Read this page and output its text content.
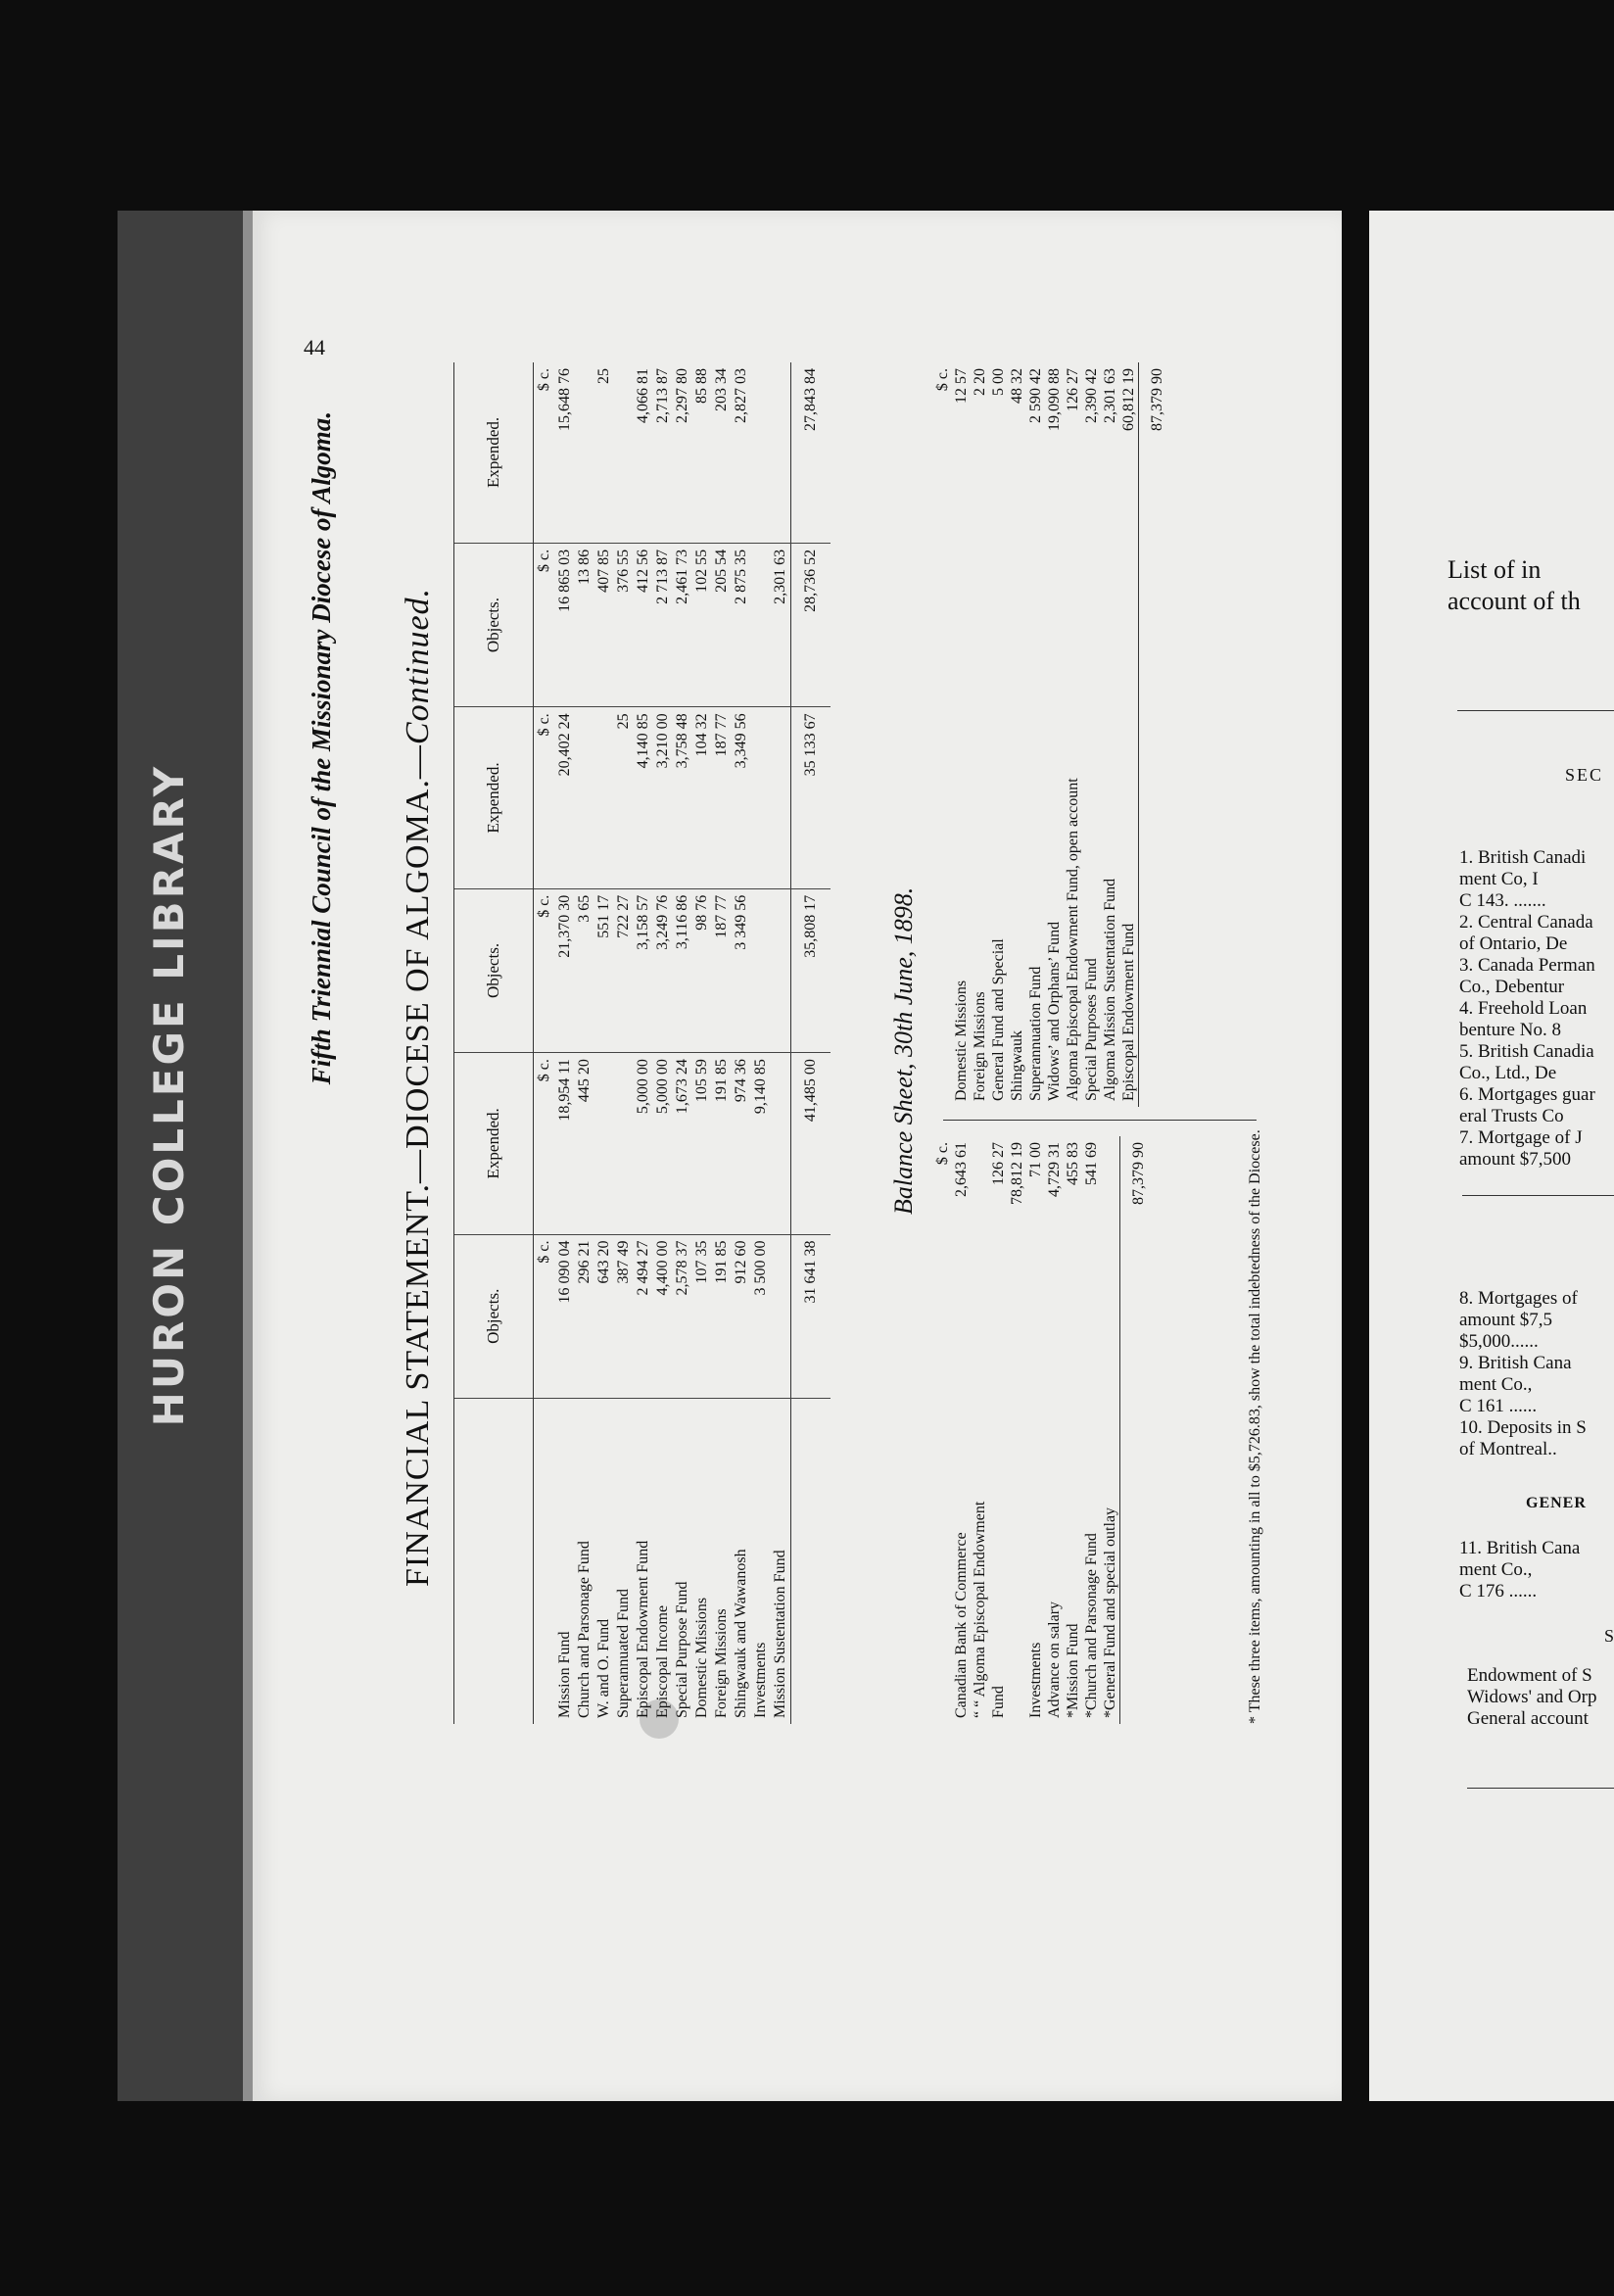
HURON COLLEGE LIBRARY
44
Fifth Triennial Council of the Missionary Diocese of Algoma. FINANCIAL STATEMENT.—DIOCESE OF ALGOMA.—Continued.
	Objects.	Expended.	Objects.	Expended.	Objects.	Expended.
	$ c.	$ c.	$ c.	$ c.	$ c.	$ c.
Mission Fund	16 090 04	18,954 11	21,370 30	20,402 24	16 865 03	15,648 76
Church and Parsonage Fund	296 21	445 20	3 65		13 86	
W. and O. Fund	643 20		551 17		407 85	25
Superannuated Fund	387 49		722 27	25	376 55	
Episcopal Endowment Fund	2 494 27	5,000 00	3,158 57	4,140 85	412 56	4,066 81
Episcopal Income	4,400 00	5,000 00	3,249 76	3,210 00	2 713 87	2,713 87
Special Purpose Fund	2,578 37	1,673 24	3,116 86	3,758 48	2,461 73	2,297 80
Domestic Missions	107 35	105 59	98 76	104 32	102 55	85 88
Foreign Missions	191 85	191 85	187 77	187 77	205 54	203 34
Shingwauk and Wawanosh	912 60	974 36	3 349 56	3,349 56	2 875 35	2,827 03
Investments	3 500 00	9,140 85				
Mission Sustentation Fund					2,301 63	
	31 641 38	41,485 00	35,808 17	35 133 67	28,736 52	27,843 84
Balance Sheet, 30th June, 1898.
	$ c.
Canadian Bank of Commerce	2,643 61
“ “ Algoma Episcopal Endowment	
Fund	126 27
	78,812 19
Investments	71 00
Advance on salary	4,729 31
*Mission Fund	455 83
*Church and Parsonage Fund	541 69
*General Fund and special outlay	
	87,379 90
	$ c.
Domestic Missions	12 57
Foreign Missions	2 20
General Fund and Special	5 00
Shingwauk	48 32
Superannuation Fund	2 590 42
Widows’ and Orphans’ Fund	19,090 88
Algoma Episcopal Endowment Fund, open account	126 27
Special Purposes Fund	2,390 42
Algoma Mission Sustentation Fund	2,301 63
Episcopal Endowment Fund	60,812 19
	87,379 90
* These three items, amounting in all to $5,726.83, show the total indebtedness of the Diocese.
List of in
account of th
SEC
1. British Canadi
ment Co, I
C 143. .......
2. Central Canada
of Ontario, De
3. Canada Perman
Co., Debentur
4. Freehold Loan
benture No. 8
5. British Canadia
Co., Ltd., De
6. Mortgages guar
eral Trusts Co
7. Mortgage of J
amount $7,500
8. Mortgages of
amount $7,5
$5,000......
9. British Cana
ment Co.,
C 161 ......
10. Deposits in S
of Montreal..
GENER
11. British Cana
ment Co.,
C 176 ......
S
Endowment of S
Widows' and Orp
General account
